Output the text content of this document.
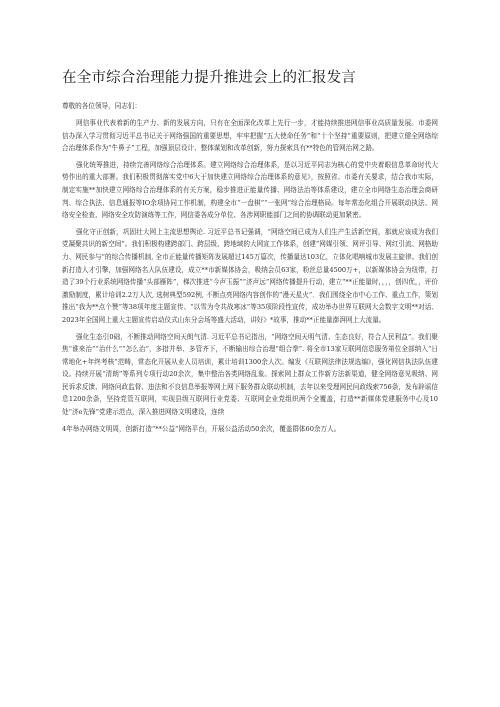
在全市综合治理能力提升推进会上的汇报发言

尊敬的各位领导，同志们：

网信事业代表着新的生产力、新的发展方向，只有在全面深化改革上先行一步，才能持续推进网信事业高质量发展。市委网信办深入学习贯彻习近平总书记关于网络强国的重要思想，牢牢把握“五大使命任务”和“十个坚持”重要原则，把建立健全网络综合治理体系作为“牛鼻子”工程，加强顶层设计、整体谋划和改革创新，努力探索具有**特色的管网治网之路。

强化统筹推进，持续完善网络综合治理体系。建立网络综合治理体系，是以习近平同志为核心的党中央着眼信息革命时代大势作出的重大部署。我们积极贯彻落实党中6大于加快建立网络综合治理体系的意见》，按照省、市委有关要求，结合我市实际，制定实施**加快建立网络综合治理体系的有关方案，稳步推进正能量传播、网络法治等体系建设，建立全市网络生态治理会商研判、综合执法、信息通报等IO余项协同工作机制，构建全市“一盘棋”“一张网”综合治理格局。每年常态化组合开展联动执法、网络安全检查、网络安全攻防演练等工作，网信委各成分单位、各涉网职能部门之间的协调联动更加紧密。

强化守正创新，巩固壮大网上主流思想舆论. 习近平总书记强调，“网络空间已成为人们生产生活新空间，那就应该成为我们党凝聚共识的新空间”。我们积极构建跨部门、跨层级、跨地域的大网宣工作体系，创建“网媒引领、网评引导、网红引流、网格助力、网民参与”的综合传播机制, 全市正能量传播矩阵发展超过145万篇次，传播量达103亿，立体化唱响城市发展主旋律。我们创新打造人才引擎，加强网络名人队伍建设，成立**市新媒体协会，吸纳会员63家，粉丝总量4500万+，以新媒体协会为纽带，打造了39个行业系统网络传播“头部雁阵”，梯次推进“今声玉振”“济声远”网络传播提升行动，建立“**正能量时，，，，创四优，，评价激励制度，累计培训2.2万人次, 选树典型592例, 不断点亮网络内容创作的“漫天星火”．我们围绕全市中心工作、重点工作，策划推出“我为**点个赞”等38项年度主题宣传、“以雪为令共战寒冰”等35项阶段性宣传，成功举办世界互联网大会数字文明**对话、2023年全国网上重大主题宣传启动仪式山东分会场等盛大活动，讲好》*故事，推动**正能量澎湃网上大流量。

强化生态引0础，不断推动网络空间天朗气清. 习近平总书记指出，“网络空间天明气清、生态良好，符合人民利益”。我们聚焦“谁来治”“治什么”“怎么治”，多措并举、多管齐下，不断输出综合治理“组合拳”. 将全市13家互联网信息服务第位全部纳入“日常地化+年终考核”范畴，常态化开展从业人员培训，累计培训1300余人次。编发《互联网法律法规选编》，强化网信执法队伍建设。持续开展“清朗”等系列专项行动20余次，集中整治各类网络乱象。探索网上群众工作新方法新渠道，健全网络意见吸纳、网民诉求反馈、网络问政监督、违法和不良信息举报等网上网下服务群众联动机制，去年以来受理网民问政线索756条，发布辟谣信息1200余条，坚持党管互联网，实现县级互联网行业党委、互联网企业党组织两个全覆盖，打造**新媒体党建服务中心及10处“济e先锋”党建示范点，深入推进网络文明建设，连续

4年举办网络文明周，创新打造“**公益”网络平台，开展公益活动50余次，覆盖群体60余万人。
